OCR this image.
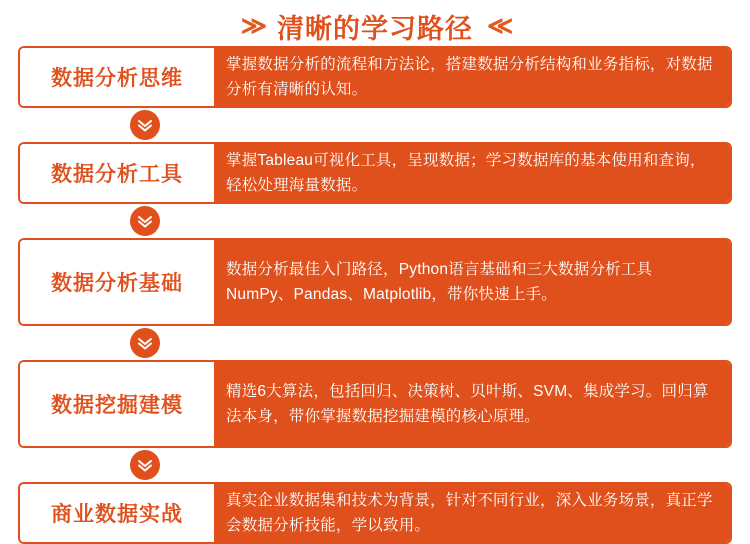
≫ 清晰的学习路径 ≪
数据分析思维
掌握数据分析的流程和方法论，搭建数据分析结构和业务指标，对数据分析有清晰的认知。
数据分析工具
掌握Tableau可视化工具，呈现数据；学习数据库的基本使用和查询，轻松处理海量数据。
数据分析基础
数据分析最佳入门路径，Python语言基础和三大数据分析工具NumPy、Pandas、Matplotlib，带你快速上手。
数据挖掘建模
精选6大算法，包括回归、决策树、贝叶斯、SVM、集成学习。回归算法本身，带你掌握数据挖掘建模的核心原理。
商业数据实战
真实企业数据集和技术为背景，针对不同行业，深入业务场景，真正学会数据分析技能，学以致用。
